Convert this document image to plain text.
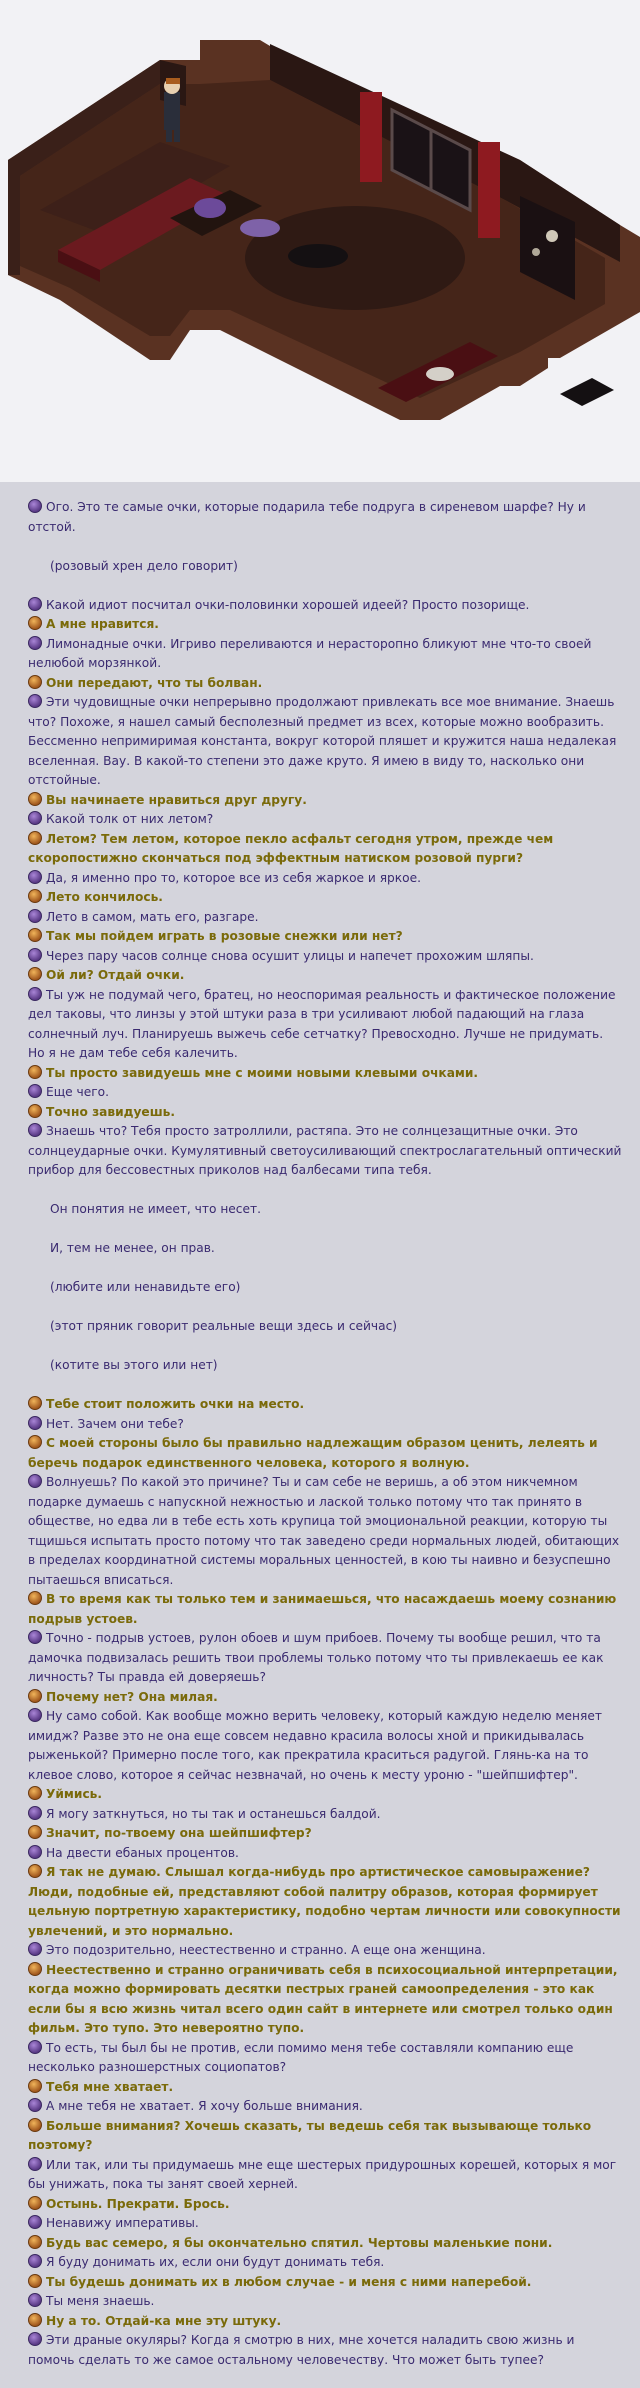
Ого. Это те самые очки, которые подарила тебе подруга в сиреневом шарфе? Ну и отстой.

(розовый хрен дело говорит)

Какой идиот посчитал очки-половинки хорошей идеей? Просто позорище.

А мне нравится.

Лимонадные очки. Игриво переливаются и нерасторопно бликуют мне что-то своей нелюбой морзянкой.

Они передают, что ты болван.

Эти чудовищные очки непрерывно продолжают привлекать все мое внимание. Знаешь что? Похоже, я нашел самый бесполезный предмет из всех, которые можно вообразить. Бессменно непримиримая константа, вокруг которой пляшет и кружится наша недалекая вселенная. Вау. В какой-то степени это даже круто. Я имею в виду то, насколько они отстойные.

Вы начинаете нравиться друг другу.

Какой толк от них летом?

Летом? Тем летом, которое пекло асфальт сегодня утром, прежде чем скоропостижно скончаться под эффектным натиском розовой пурги?

Да, я именно про то, которое все из себя жаркое и яркое.

Лето кончилось.

Лето в самом, мать его, разгаре.

Так мы пойдем играть в розовые снежки или нет?

Через пару часов солнце снова осушит улицы и напечет прохожим шляпы.

Ой ли? Отдай очки.

Ты уж не подумай чего, братец, но неоспоримая реальность и фактическое положение дел таковы, что линзы у этой штуки раза в три усиливают любой падающий на глаза солнечный луч. Планируешь выжечь себе сетчатку? Превосходно. Лучше не придумать. Но я не дам тебе себя калечить.

Ты просто завидуешь мне с моими новыми клевыми очками.

Еще чего.

Точно завидуешь.

Знаешь что? Тебя просто затроллили, растяпа. Это не солнцезащитные очки. Это солнцеударные очки. Кумулятивный светоусиливающий спектрослагательный оптический прибор для бессовестных приколов над балбесами типа тебя.

Он понятия не имеет, что несет.

И, тем не менее, он прав.

(любите или ненавидьте его)

(этот пряник говорит реальные вещи здесь и сейчас)

(котите вы этого или нет)

Тебе стоит положить очки на место.

Нет. Зачем они тебе?

С моей стороны было бы правильно надлежащим образом ценить, лелеять и беречь подарок единственного человека, которого я волную.

Волнуешь? По какой это причине? Ты и сам себе не веришь, а об этом никчемном подарке думаешь с напускной нежностью и лаской только потому что так принято в обществе, но едва ли в тебе есть хоть крупица той эмоциональной реакции, которую ты тщишься испытать просто потому что так заведено среди нормальных людей, обитающих в пределах координатной системы моральных ценностей, в кою ты наивно и безуспешно пытаешься вписаться.

В то время как ты только тем и занимаешься, что насаждаешь моему сознанию подрыв устоев.

Точно - подрыв устоев, рулон обоев и шум прибоев. Почему ты вообще решил, что та дамочка подвизалась решить твои проблемы только потому что ты привлекаешь ее как личность? Ты правда ей доверяешь?

Почему нет? Она милая.

Ну само собой. Как вообще можно верить человеку, который каждую неделю меняет имидж? Разве это не она еще совсем недавно красила волосы хной и прикидывалась рыженькой? Примерно после того, как прекратила краситься радугой. Глянь-ка на то клевое слово, которое я сейчас незвначай, но очень к месту уроню - "шейпшифтер".

Уймись.

Я могу заткнуться, но ты так и останешься балдой.

Значит, по-твоему она шейпшифтер?

На двести ебаных процентов.

Я так не думаю. Слышал когда-нибудь про артистическое самовыражение? Люди, подобные ей, представляют собой палитру образов, которая формирует цельную портретную характеристику, подобно чертам личности или совокупности увлечений, и это нормально.

Это подозрительно, неестественно и странно. А еще она женщина.

Неестественно и странно ограничивать себя в психосоциальной интерпретации, когда можно формировать десятки пестрых граней самоопределения - это как если бы я всю жизнь читал всего один сайт в интернете или смотрел только один фильм. Это тупо. Это невероятно тупо.

То есть, ты был бы не против, если помимо меня тебе составляли компанию еще несколько разношерстных социопатов?

Тебя мне хватает.

А мне тебя не хватает. Я хочу больше внимания.

Больше внимания? Хочешь сказать, ты ведешь себя так вызывающе только поэтому?

Или так, или ты придумаешь мне еще шестерых придурошных корешей, которых я мог бы унижать, пока ты занят своей херней.

Остынь. Прекрати. Брось.

Ненавижу императивы.

Будь вас семеро, я бы окончательно спятил. Чертовы маленькие пони.

Я буду донимать их, если они будут донимать тебя.

Ты будешь донимать их в любом случае - и меня с ними наперебой.

Ты меня знаешь.

Ну а то. Отдай-ка мне эту штуку.

Эти драные окуляры? Когда я смотрю в них, мне хочется наладить свою жизнь и помочь сделать то же самое остальному человечеству. Что может быть тупее?
